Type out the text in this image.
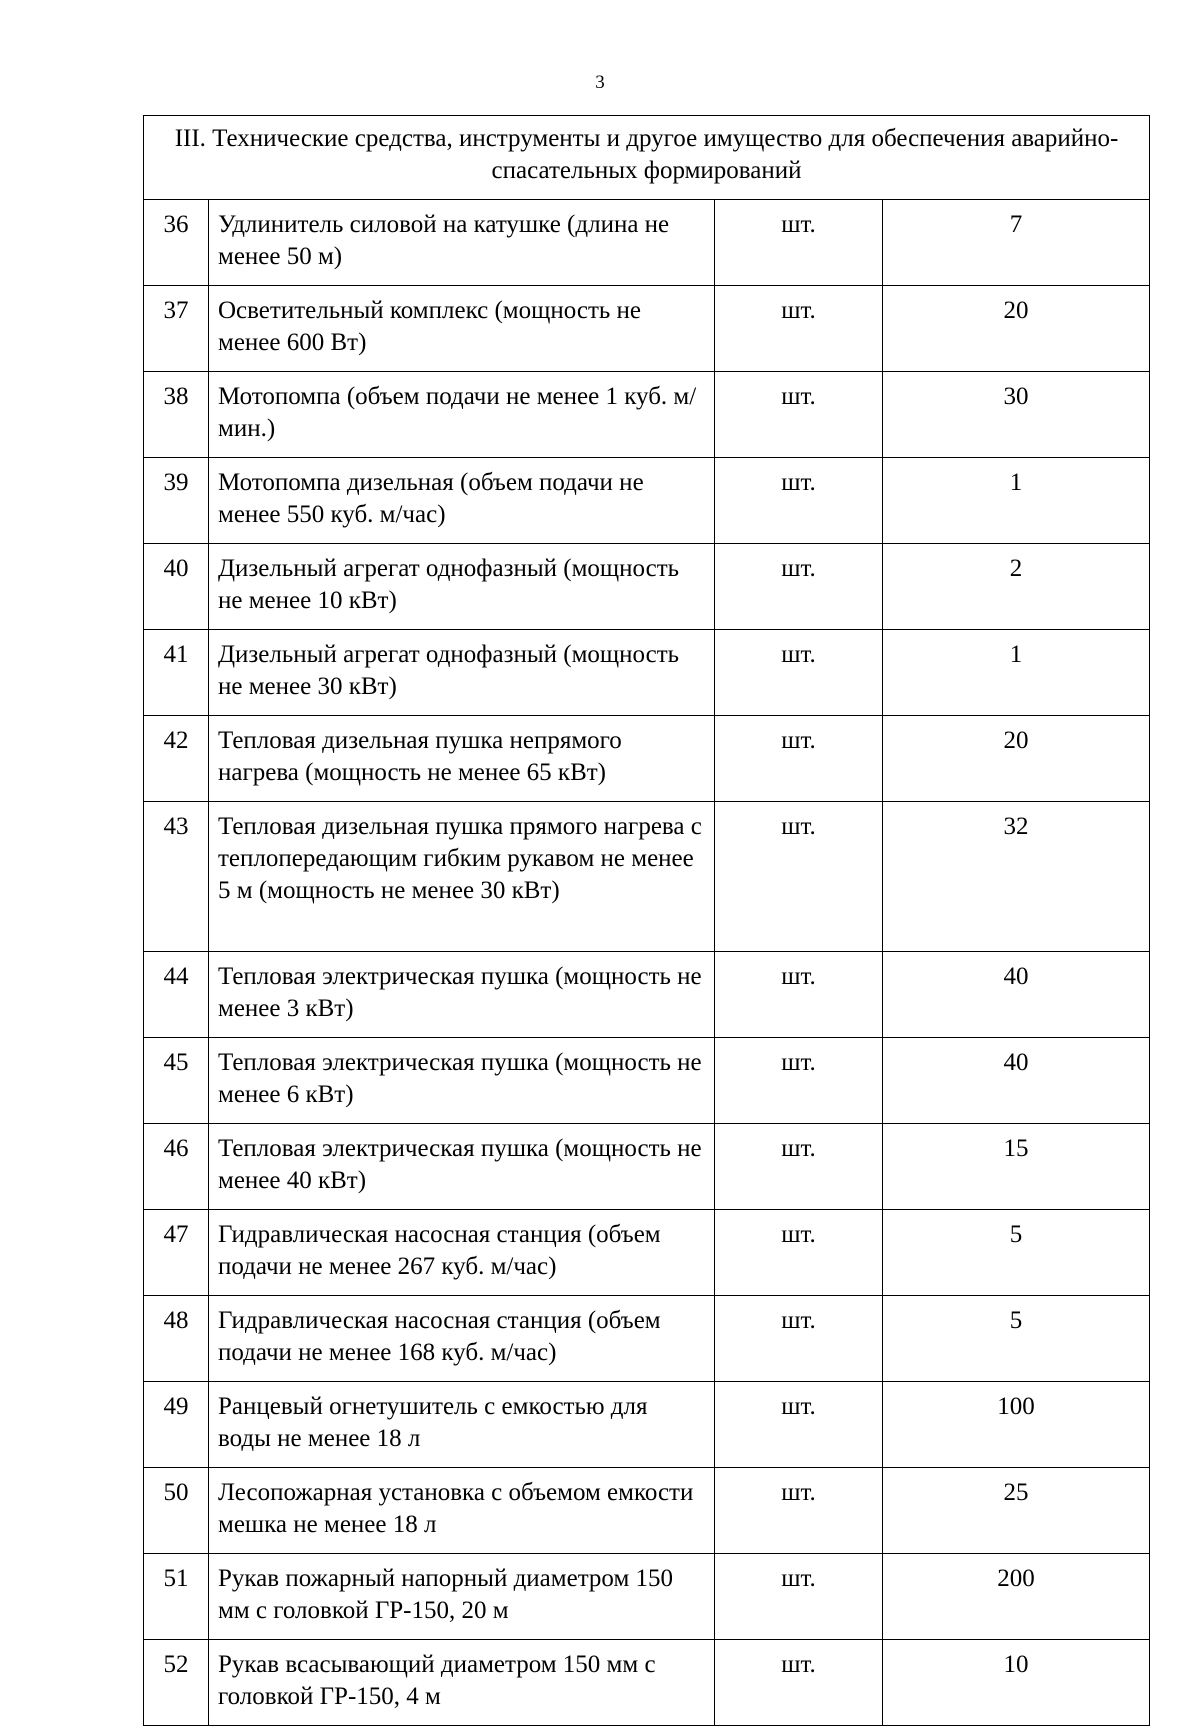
3
III. Технические средства, инструменты и другое имущество для обеспечения аварийно-спасательных формирований			
36	Удлинитель силовой на катушке (длина не менее 50 м)	шт.	7
37	Осветительный комплекс (мощность не менее 600 Вт)	шт.	20
38	Мотопомпа (объем подачи не менее 1 куб. м/мин.)	шт.	30
39	Мотопомпа дизельная (объем подачи не менее 550 куб. м/час)	шт.	1
40	Дизельный агрегат однофазный (мощность не менее 10 кВт)	шт.	2
41	Дизельный агрегат однофазный (мощность не менее 30 кВт)	шт.	1
42	Тепловая дизельная пушка непрямого нагрева (мощность не менее 65 кВт)	шт.	20
43	Тепловая дизельная пушка прямого нагрева с теплопередающим гибким рукавом не менее 5 м (мощность не менее 30 кВт)	шт.	32
44	Тепловая электрическая пушка (мощность не менее 3 кВт)	шт.	40
45	Тепловая электрическая пушка (мощность не менее 6 кВт)	шт.	40
46	Тепловая электрическая пушка (мощность не менее 40 кВт)	шт.	15
47	Гидравлическая насосная станция (объем подачи не менее 267 куб. м/час)	шт.	5
48	Гидравлическая насосная станция (объем подачи не менее 168 куб. м/час)	шт.	5
49	Ранцевый огнетушитель с емкостью для воды не менее 18 л	шт.	100
50	Лесопожарная установка с объемом емкости мешка не менее 18 л	шт.	25
51	Рукав пожарный напорный диаметром 150 мм с головкой ГР-150, 20 м	шт.	200
52	Рукав всасывающий диаметром 150 мм с головкой ГР-150, 4 м	шт.	10
